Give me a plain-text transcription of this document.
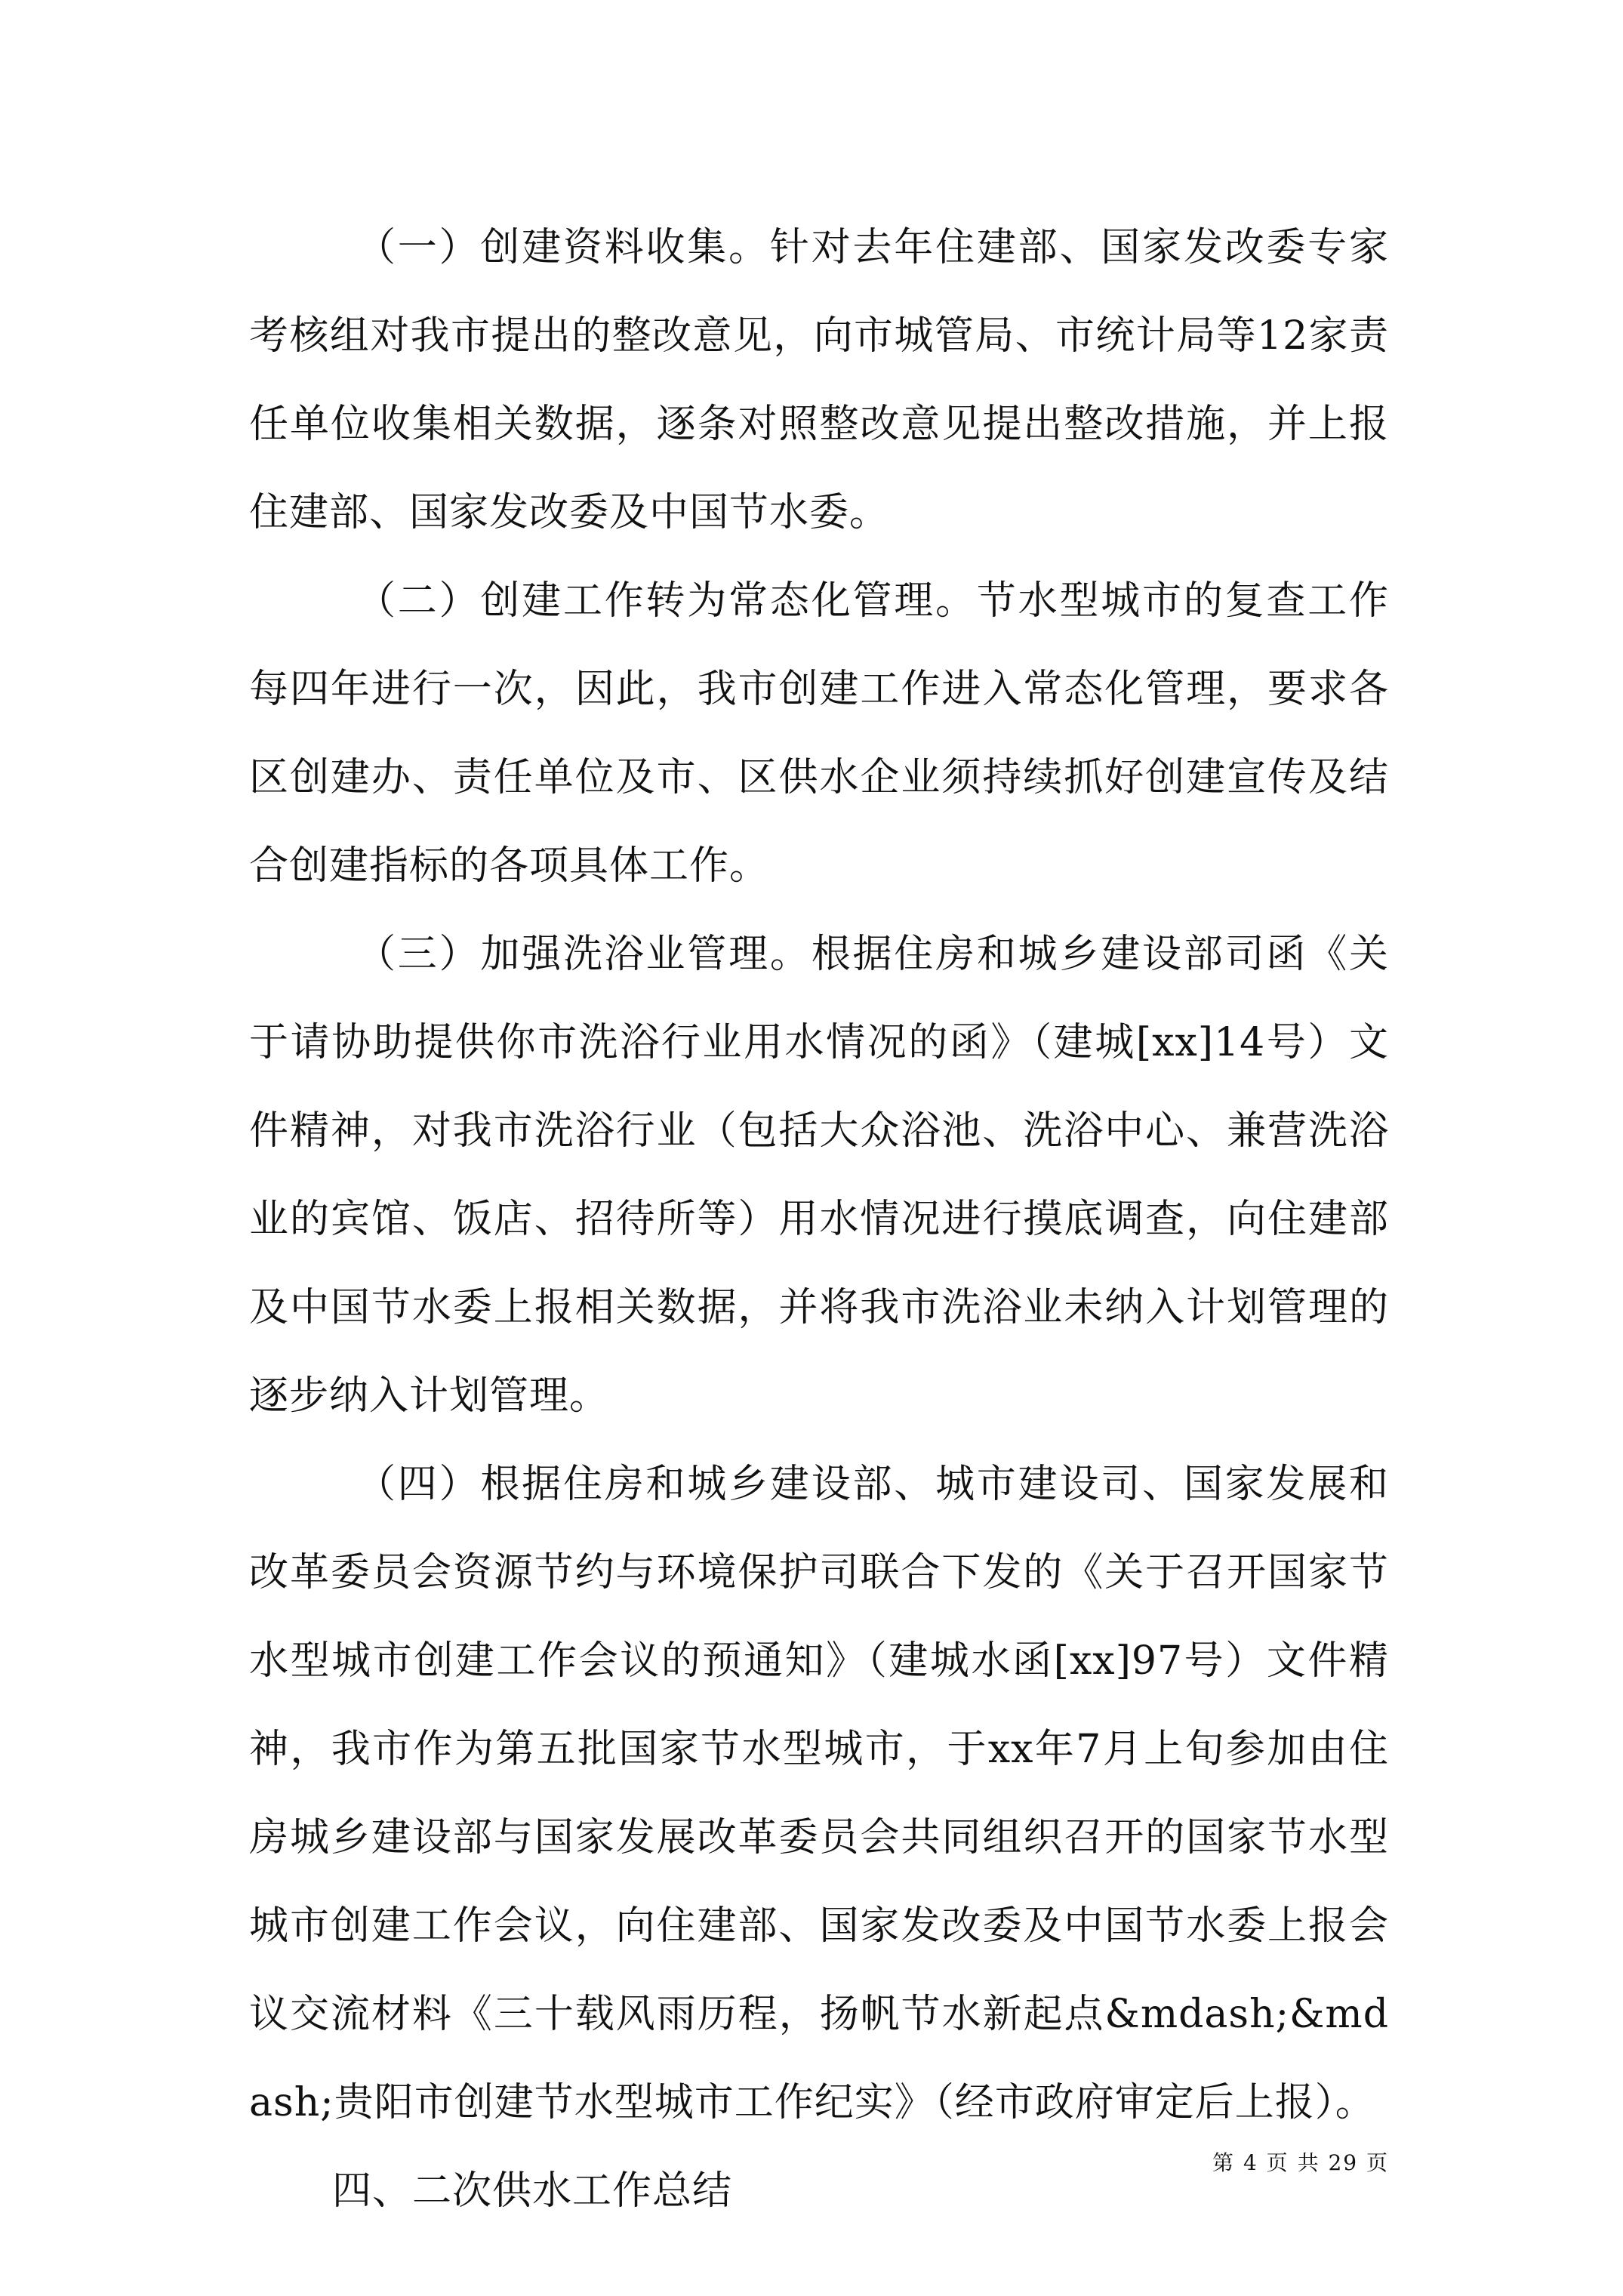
（一）创建资料收集。针对去年住建部、国家发改委专家考核组对我市提出的整改意见，向市城管局、市统计局等12家责任单位收集相关数据，逐条对照整改意见提出整改措施，并上报住建部、国家发改委及中国节水委。

（二）创建工作转为常态化管理。节水型城市的复查工作每四年进行一次，因此，我市创建工作进入常态化管理，要求各区创建办、责任单位及市、区供水企业须持续抓好创建宣传及结合创建指标的各项具体工作。

（三）加强洗浴业管理。根据住房和城乡建设部司函《关于请协助提供你市洗浴行业用水情况的函》（建城[xx]14号）文件精神，对我市洗浴行业（包括大众浴池、洗浴中心、兼营洗浴业的宾馆、饭店、招待所等）用水情况进行摸底调查，向住建部及中国节水委上报相关数据，并将我市洗浴业未纳入计划管理的逐步纳入计划管理。

（四）根据住房和城乡建设部、城市建设司、国家发展和改革委员会资源节约与环境保护司联合下发的《关于召开国家节水型城市创建工作会议的预通知》（建城水函[xx]97号）文件精神，我市作为第五批国家节水型城市，于xx年7月上旬参加由住房城乡建设部与国家发展改革委员会共同组织召开的国家节水型城市创建工作会议，向住建部、国家发改委及中国节水委上报会议交流材料《三十载风雨历程，扬帆节水新起点&mdash;&mdash;贵阳市创建节水型城市工作纪实》（经市政府审定后上报）。

四、二次供水工作总结

第 4 页 共 29 页
